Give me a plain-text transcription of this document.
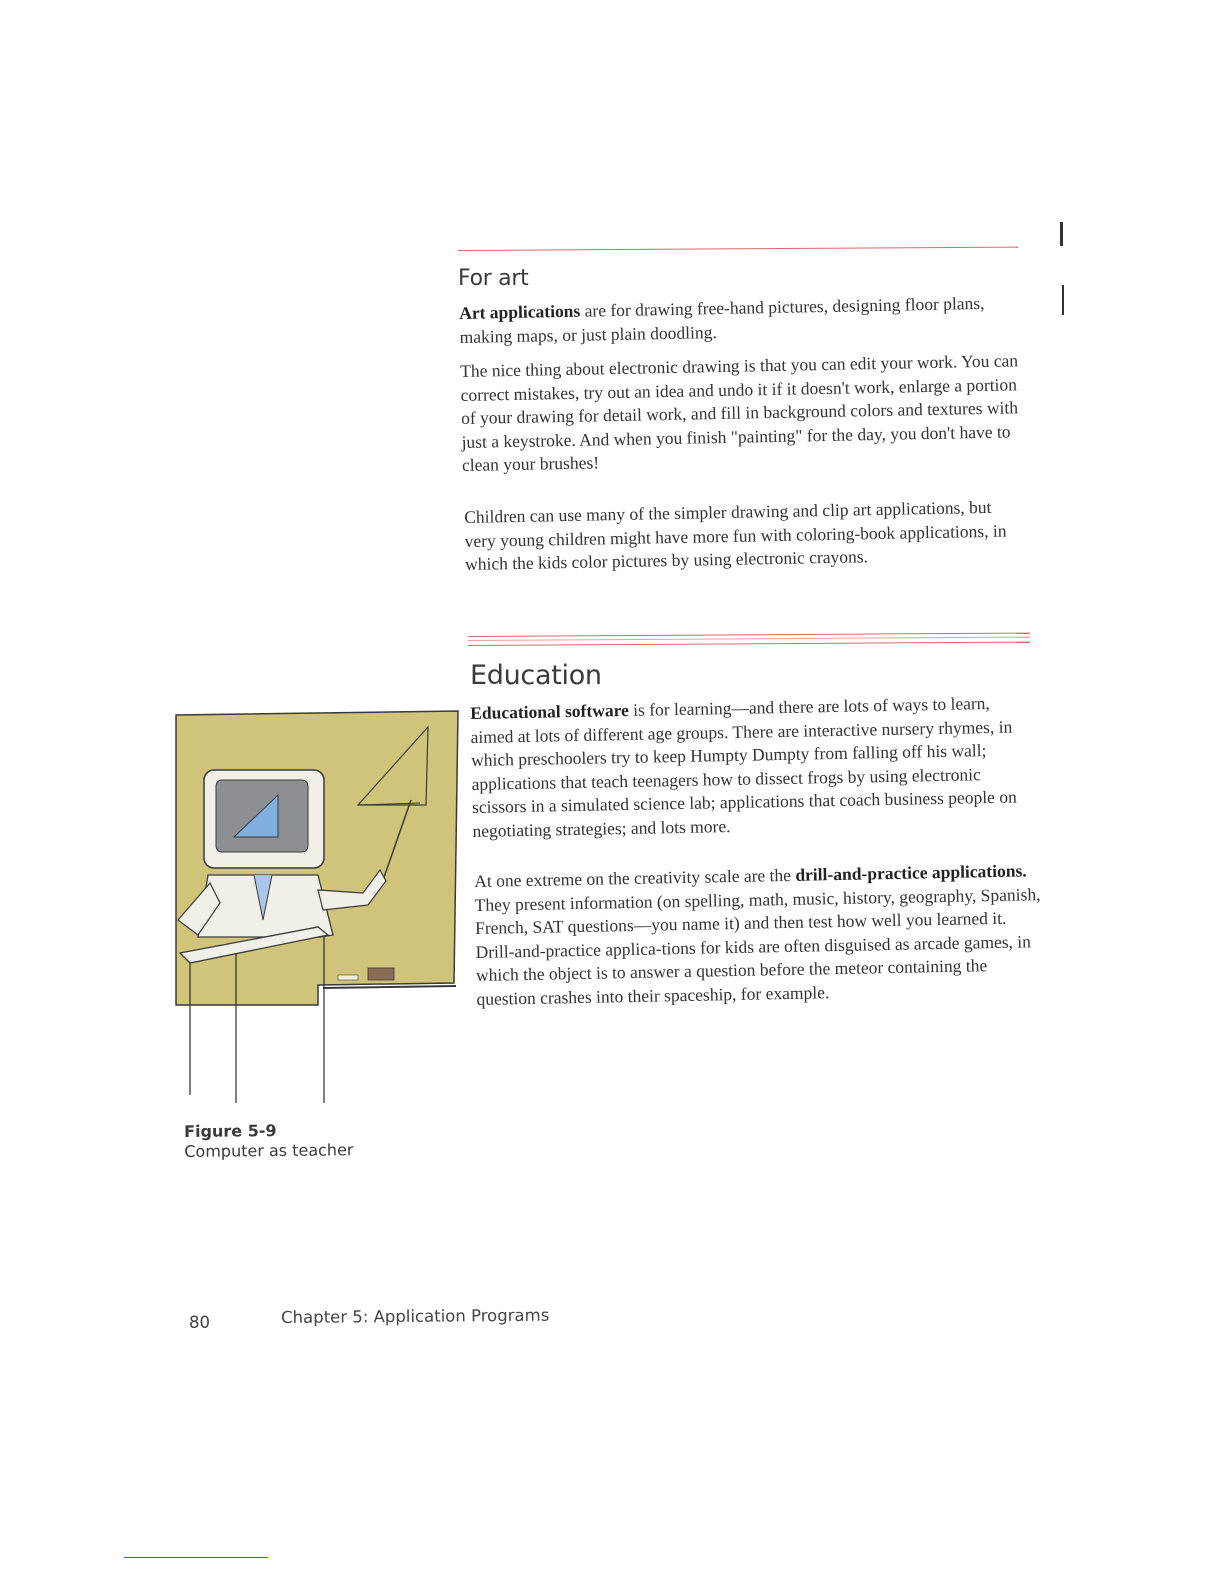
For art
Art applications are for drawing free-hand pictures, designing floor plans, making maps, or just plain doodling.
The nice thing about electronic drawing is that you can edit your work. You can correct mistakes, try out an idea and undo it if it doesn't work, enlarge a portion of your drawing for detail work, and fill in background colors and textures with just a keystroke. And when you finish "painting" for the day, you don't have to clean your brushes!
Children can use many of the simpler drawing and clip art applications, but very young children might have more fun with coloring-book applications, in which the kids color pictures by using electronic crayons.
Education
Educational software is for learning—and there are lots of ways to learn, aimed at lots of different age groups. There are interactive nursery rhymes, in which preschoolers try to keep Humpty Dumpty from falling off his wall; applications that teach teenagers how to dissect frogs by using electronic scissors in a simulated science lab; applications that coach business people on negotiating strategies; and lots more.
At one extreme on the creativity scale are the drill-and-practice applications. They present information (on spelling, math, music, history, geography, Spanish, French, SAT questions—you name it) and then test how well you learned it. Drill-and-practice applica-tions for kids are often disguised as arcade games, in which the object is to answer a question before the meteor containing the question crashes into their spaceship, for example.
Figure 5-9
Computer as teacher
80	Chapter 5: Application Programs
